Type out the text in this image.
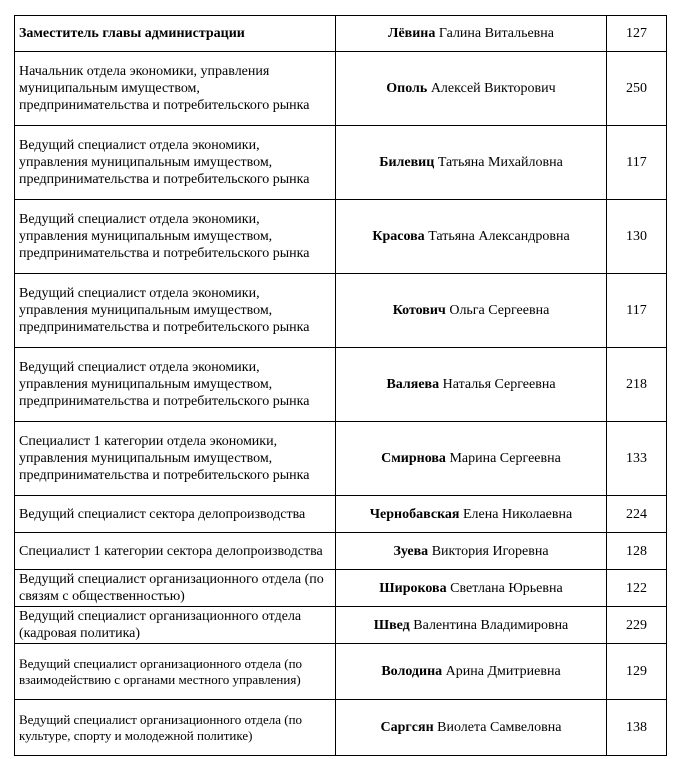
Заместитель главы администрации	Лёвина Галина Витальевна	127
Начальник отдела экономики, управления муниципальным имуществом, предпринимательства и потребительского рынка	Ополь Алексей Викторович	250
Ведущий специалист отдела экономики, управления муниципальным имуществом, предпринимательства и потребительского рынка	Билевиц Татьяна Михайловна	117
Ведущий специалист отдела экономики, управления муниципальным имуществом, предпринимательства и потребительского рынка	Красова Татьяна Александровна	130
Ведущий специалист отдела экономики, управления муниципальным имуществом, предпринимательства и потребительского рынка	Котович Ольга Сергеевна	117
Ведущий специалист отдела экономики, управления муниципальным имуществом, предпринимательства и потребительского рынка	Валяева Наталья Сергеевна	218
Специалист 1 категории отдела экономики, управления муниципальным имуществом, предпринимательства и потребительского рынка	Смирнова Марина Сергеевна	133
Ведущий специалист сектора делопроизводства	Чернобавская Елена Николаевна	224
Специалист 1 категории сектора делопроизводства	Зуева Виктория Игоревна	128
Ведущий специалист организационного отдела (по связям с общественностью)	Широкова Светлана Юрьевна	122
Ведущий специалист организационного отдела (кадровая политика)	Швед Валентина Владимировна	229
Ведущий специалист организационного отдела (по взаимодействию с органами местного управления)	Володина Арина Дмитриевна	129
Ведущий специалист организационного отдела (по культуре, спорту и молодежной политике)	Саргсян Виолета Самвеловна	138
